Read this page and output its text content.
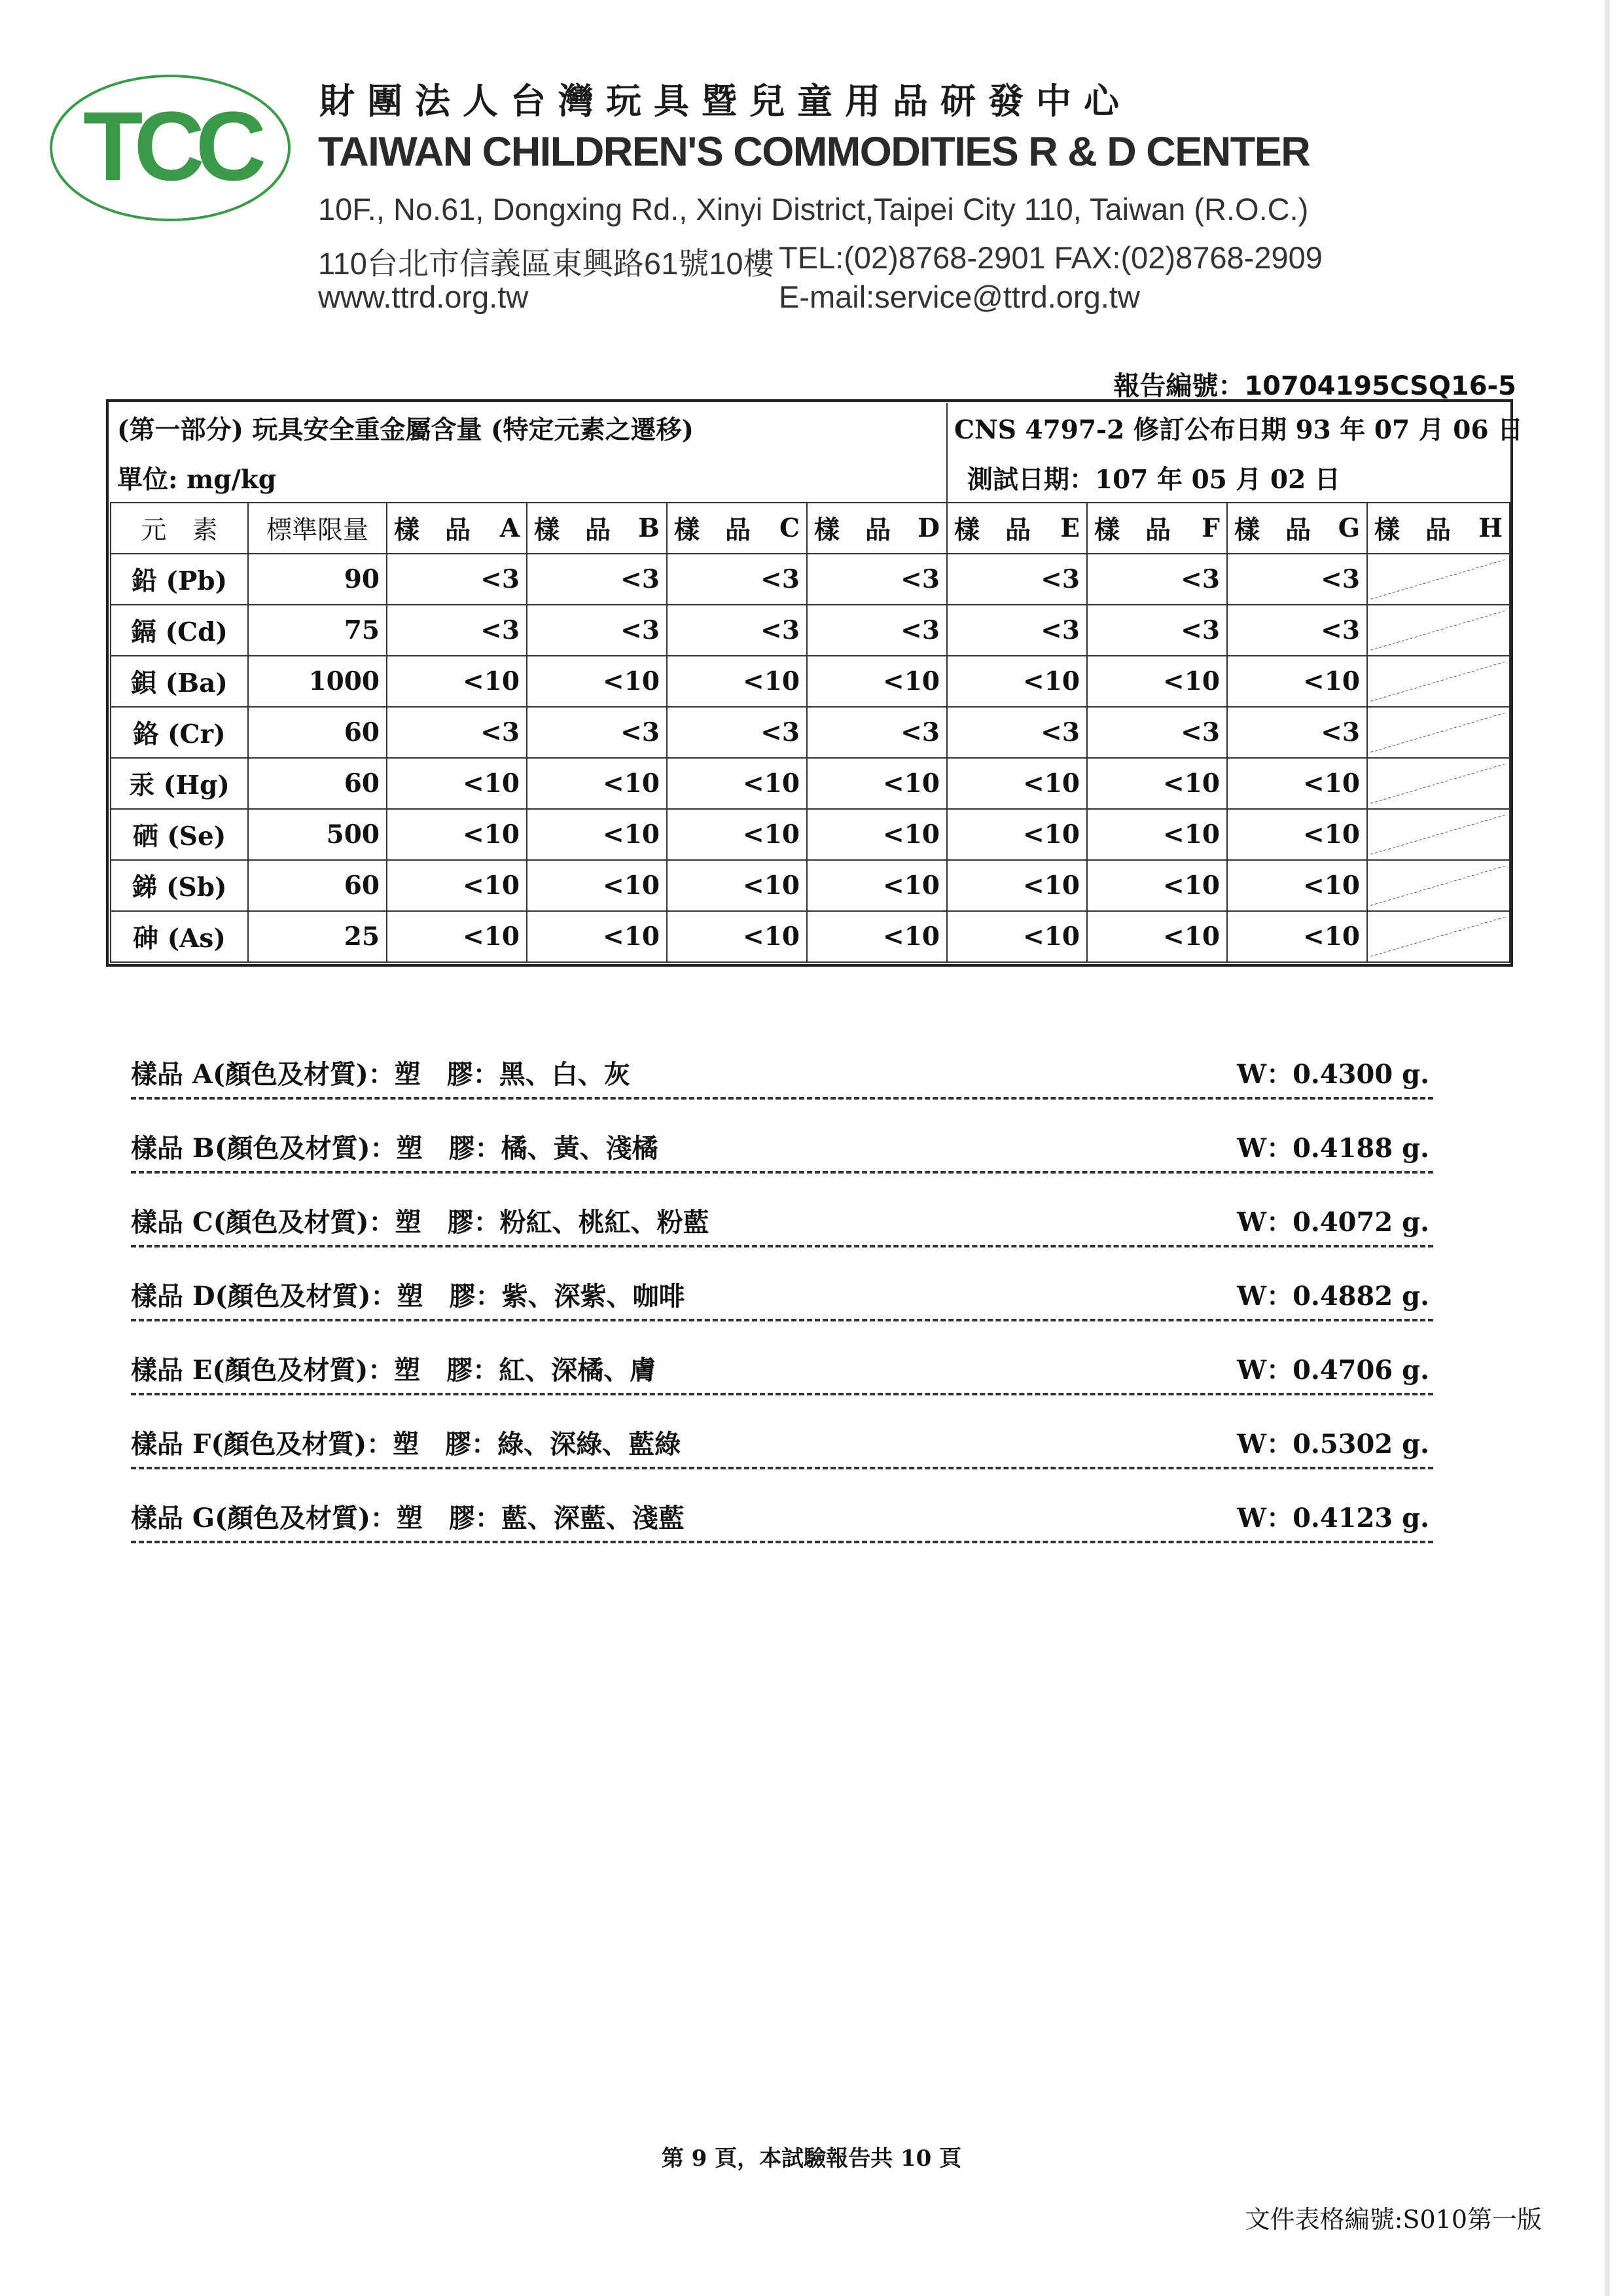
TCC 財團法人台灣玩具暨兒童用品研發中心
TAIWAN CHILDREN'S COMMODITIES R & D CENTER
10F., No.61, Dongxing Rd., Xinyi District,Taipei City 110, Taiwan (R.O.C.)
110台北市信義區東興路61號10樓 TEL:(02)8768-2901 FAX:(02)8768-2909
www.ttrd.org.tw	E-mail:service@ttrd.org.tw
報告編號：10704195CSQ16-5
(第一部分) 玩具安全重金屬含量 (特定元素之遷移)						CNS 4797-2 修訂公布日期 93 年 07 月 06 日			
單位: mg/kg						測試日期：107 年 05 月 02 日			
元　素	標準限量	樣　品 A	樣　品 B	樣　品 C	樣　品 D	樣　品 E	樣　品 F	樣　品 G	樣　品 H

鉛 (Pb)	90	<3	<3	<3	<3	<3	<3	<3	

鎘 (Cd)	75	<3	<3	<3	<3	<3	<3	<3	

鋇 (Ba)	1000	<10	<10	<10	<10	<10	<10	<10	

鉻 (Cr)	60	<3	<3	<3	<3	<3	<3	<3	

汞 (Hg)	60	<10	<10	<10	<10	<10	<10	<10	

硒 (Se)	500	<10	<10	<10	<10	<10	<10	<10	

銻 (Sb)	60	<10	<10	<10	<10	<10	<10	<10	

砷 (As)	25	<10	<10	<10	<10	<10	<10	<10	
樣品 A(顏色及材質)：塑　膠：黑、白、灰	W：0.4300 g.
樣品 B(顏色及材質)：塑　膠：橘、黃、淺橘	W：0.4188 g.
樣品 C(顏色及材質)：塑　膠：粉紅、桃紅、粉藍	W：0.4072 g.
樣品 D(顏色及材質)：塑　膠：紫、深紫、咖啡	W：0.4882 g.
樣品 E(顏色及材質)：塑　膠：紅、深橘、膚	W：0.4706 g.
樣品 F(顏色及材質)：塑　膠：綠、深綠、藍綠	W：0.5302 g.
樣品 G(顏色及材質)：塑　膠：藍、深藍、淺藍	W：0.4123 g.
第 9 頁，本試驗報告共 10 頁
文件表格編號:S010第一版
